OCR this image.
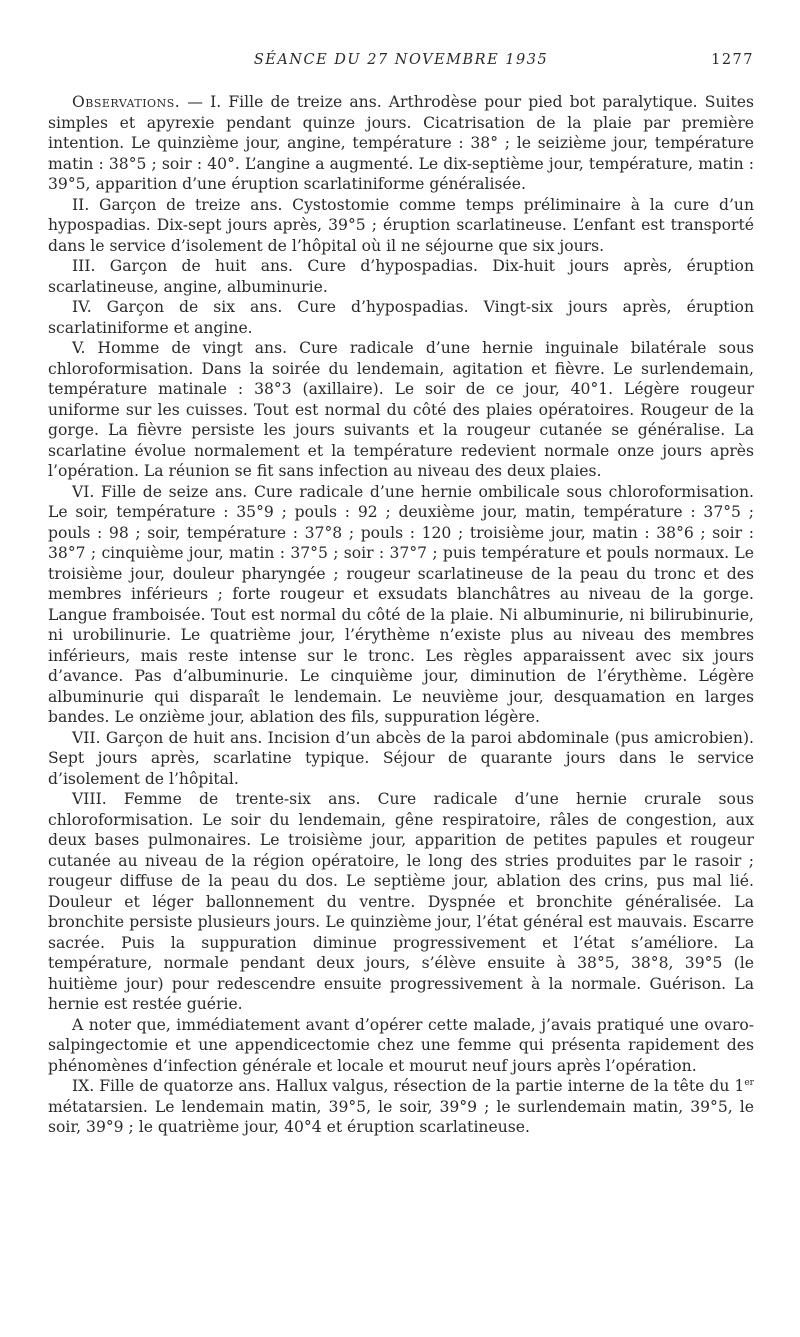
SÉANCE DU 27 NOVEMBRE 1935	1277

Observations. — I. Fille de treize ans. Arthrodèse pour pied bot paralytique. Suites simples et apyrexie pendant quinze jours. Cicatrisation de la plaie par première intention. Le quinzième jour, angine, température : 38° ; le seizième jour, température matin : 38°5 ; soir : 40°. L’angine a augmenté. Le dix-septième jour, température, matin : 39°5, apparition d’une éruption scarlatiniforme généralisée.

II. Garçon de treize ans. Cystostomie comme temps préliminaire à la cure d’un hypospadias. Dix-sept jours après, 39°5 ; éruption scarlatineuse. L’enfant est transporté dans le service d’isolement de l’hôpital où il ne séjourne que six jours.

III. Garçon de huit ans. Cure d’hypospadias. Dix-huit jours après, éruption scarlatineuse, angine, albuminurie.

IV. Garçon de six ans. Cure d’hypospadias. Vingt-six jours après, éruption scarlatiniforme et angine.

V. Homme de vingt ans. Cure radicale d’une hernie inguinale bilatérale sous chloroformisation. Dans la soirée du lendemain, agitation et fièvre. Le surlendemain, température matinale : 38°3 (axillaire). Le soir de ce jour, 40°1. Légère rougeur uniforme sur les cuisses. Tout est normal du côté des plaies opératoires. Rougeur de la gorge. La fièvre persiste les jours suivants et la rougeur cutanée se généralise. La scarlatine évolue normalement et la température redevient normale onze jours après l’opération. La réunion se fit sans infection au niveau des deux plaies.

VI. Fille de seize ans. Cure radicale d’une hernie ombilicale sous chloroformisation. Le soir, température : 35°9 ; pouls : 92 ; deuxième jour, matin, température : 37°5 ; pouls : 98 ; soir, température : 37°8 ; pouls : 120 ; troisième jour, matin : 38°6 ; soir : 38°7 ; cinquième jour, matin : 37°5 ; soir : 37°7 ; puis température et pouls normaux. Le troisième jour, douleur pharyngée ; rougeur scarlatineuse de la peau du tronc et des membres inférieurs ; forte rougeur et exsudats blanchâtres au niveau de la gorge. Langue framboisée. Tout est normal du côté de la plaie. Ni albuminurie, ni bilirubinurie, ni urobilinurie. Le quatrième jour, l’érythème n’existe plus au niveau des membres inférieurs, mais reste intense sur le tronc. Les règles apparaissent avec six jours d’avance. Pas d’albuminurie. Le cinquième jour, diminution de l’érythème. Légère albuminurie qui disparaît le lendemain. Le neuvième jour, desquamation en larges bandes. Le onzième jour, ablation des fils, suppuration légère.

VII. Garçon de huit ans. Incision d’un abcès de la paroi abdominale (pus amicrobien). Sept jours après, scarlatine typique. Séjour de quarante jours dans le service d’isolement de l’hôpital.

VIII. Femme de trente-six ans. Cure radicale d’une hernie crurale sous chloroformisation. Le soir du lendemain, gêne respiratoire, râles de congestion, aux deux bases pulmonaires. Le troisième jour, apparition de petites papules et rougeur cutanée au niveau de la région opératoire, le long des stries produites par le rasoir ; rougeur diffuse de la peau du dos. Le septième jour, ablation des crins, pus mal lié. Douleur et léger ballonnement du ventre. Dyspnée et bronchite généralisée. La bronchite persiste plusieurs jours. Le quinzième jour, l’état général est mauvais. Escarre sacrée. Puis la suppuration diminue progressivement et l’état s’améliore. La température, normale pendant deux jours, s’élève ensuite à 38°5, 38°8, 39°5 (le huitième jour) pour redescendre ensuite progressivement à la normale. Guérison. La hernie est restée guérie.

A noter que, immédiatement avant d’opérer cette malade, j’avais pratiqué une ovaro-salpingectomie et une appendicectomie chez une femme qui présenta rapidement des phénomènes d’infection générale et locale et mourut neuf jours après l’opération.

IX. Fille de quatorze ans. Hallux valgus, résection de la partie interne de la tête du 1er métatarsien. Le lendemain matin, 39°5, le soir, 39°9 ; le surlendemain matin, 39°5, le soir, 39°9 ; le quatrième jour, 40°4 et éruption scarlatineuse.
